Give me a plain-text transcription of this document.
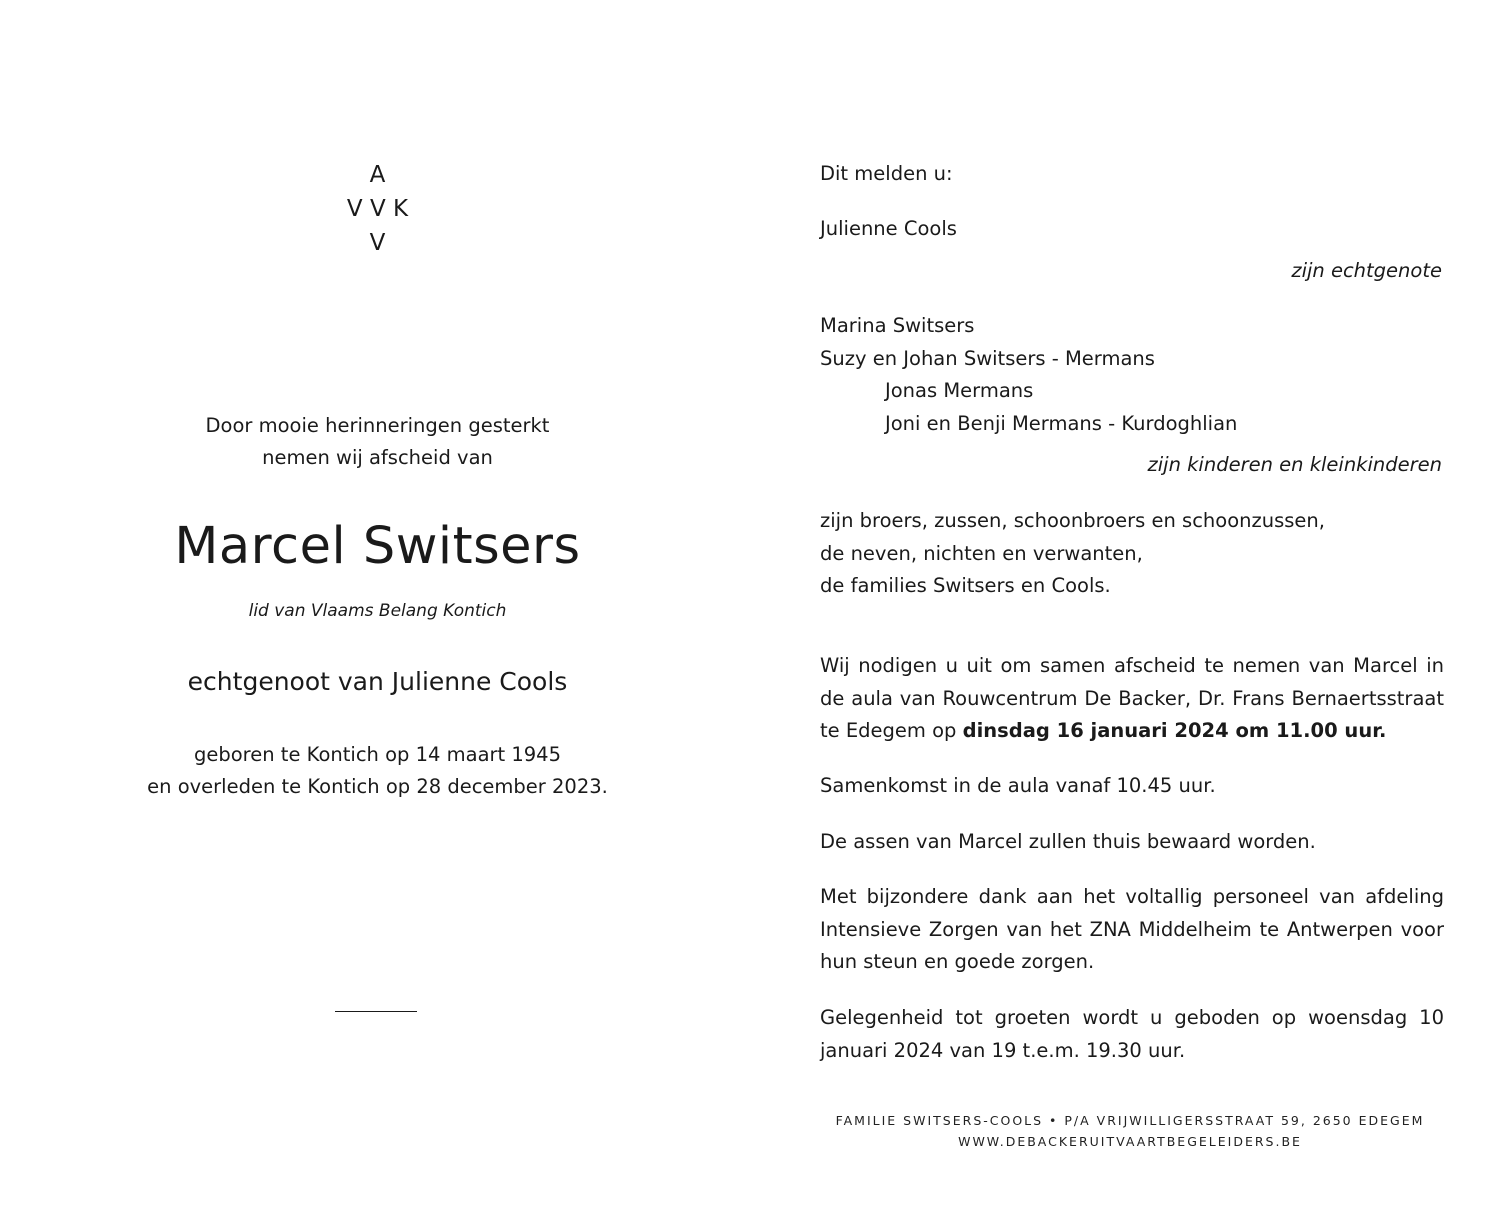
A
V V K
V
Door mooie herinneringen gesterkt
nemen wij afscheid van
Marcel Switsers
lid van Vlaams Belang Kontich
echtgenoot van Julienne Cools
geboren te Kontich op 14 maart 1945
en overleden te Kontich op 28 december 2023.

Dit melden u:

Julienne Cools

zijn echtgenote
Marina Switsers
Suzy en Johan Switsers - Mermans
Jonas Mermans
Joni en Benji Mermans - Kurdoghlian
zijn kinderen en kleinkinderen
zijn broers, zussen, schoonbroers en schoonzussen,
de neven, nichten en verwanten,
de families Switsers en Cools.

Wij nodigen u uit om samen afscheid te nemen van Marcel in de aula van Rouwcentrum De Backer, Dr. Frans Bernaertsstraat te Edegem op dinsdag 16 januari 2024 om 11.00 uur.

Samenkomst in de aula vanaf 10.45 uur.

De assen van Marcel zullen thuis bewaard worden.

Met bijzondere dank aan het voltallig personeel van afdeling Intensieve Zorgen van het ZNA Middelheim te Antwerpen voor hun steun en goede zorgen.

Gelegenheid tot groeten wordt u geboden op woensdag 10 januari 2024 van 19 t.e.m. 19.30 uur.

FAMILIE SWITSERS-COOLS • P/A VRIJWILLIGERSSTRAAT 59, 2650 EDEGEM
WWW.DEBACKERUITVAARTBEGELEIDERS.BE
